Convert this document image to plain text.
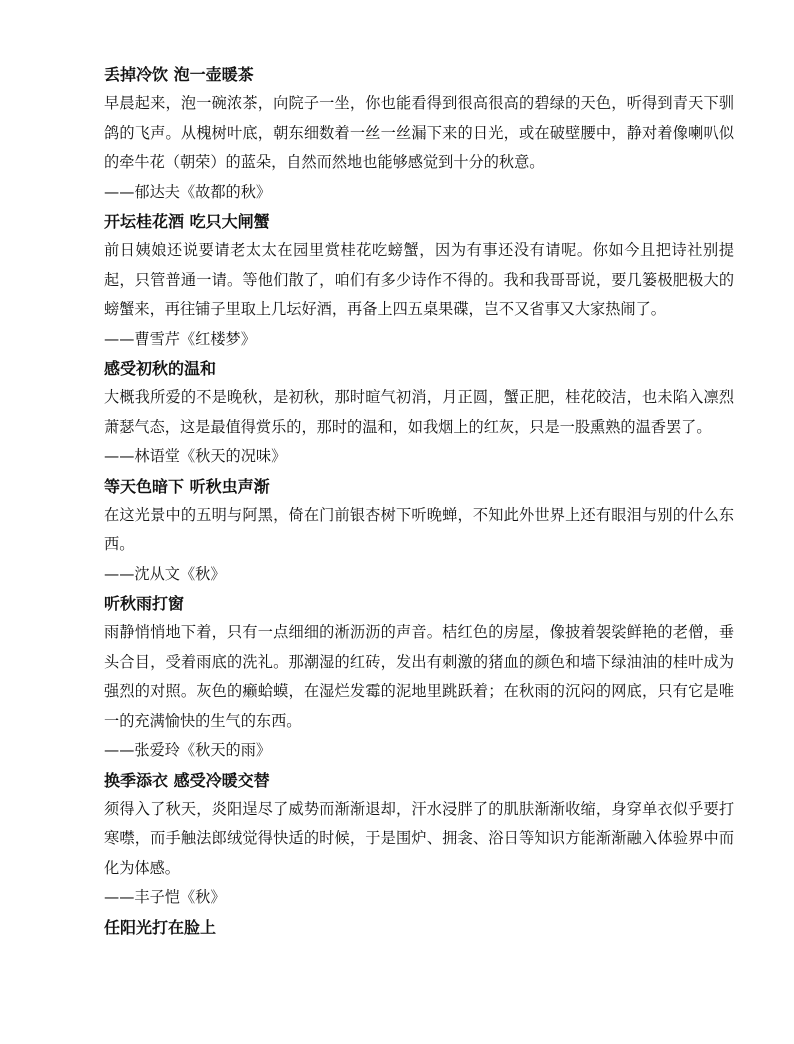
丢掉冷饮 泡一壶暖茶

早晨起来，泡一碗浓茶，向院子一坐，你也能看得到很高很高的碧绿的天色，听得到青天下驯鸽的飞声。从槐树叶底，朝东细数着一丝一丝漏下来的日光，或在破壁腰中，静对着像喇叭似的牵牛花（朝荣）的蓝朵，自然而然地也能够感觉到十分的秋意。

——郁达夫《故都的秋》
开坛桂花酒 吃只大闸蟹

前日姨娘还说要请老太太在园里赏桂花吃螃蟹，因为有事还没有请呢。你如今且把诗社别提起，只管普通一请。等他们散了，咱们有多少诗作不得的。我和我哥哥说，要几篓极肥极大的螃蟹来，再往铺子里取上几坛好酒，再备上四五桌果碟，岂不又省事又大家热闹了。

——曹雪芹《红楼梦》
感受初秋的温和

大概我所爱的不是晚秋，是初秋，那时暄气初消，月正圆，蟹正肥，桂花皎洁，也未陷入凛烈萧瑟气态，这是最值得赏乐的，那时的温和，如我烟上的红灰，只是一股熏熟的温香罢了。

——林语堂《秋天的况味》
等天色暗下 听秋虫声渐

在这光景中的五明与阿黑，倚在门前银杏树下听晚蝉，不知此外世界上还有眼泪与别的什么东西。

——沈从文《秋》
听秋雨打窗

雨静悄悄地下着，只有一点细细的淅沥沥的声音。桔红色的房屋，像披着袈裟鲜艳的老僧，垂头合目，受着雨底的洗礼。那潮湿的红砖，发出有刺激的猪血的颜色和墙下绿油油的桂叶成为强烈的对照。灰色的癞蛤蟆，在湿烂发霉的泥地里跳跃着；在秋雨的沉闷的网底，只有它是唯一的充满愉快的生气的东西。

——张爱玲《秋天的雨》
换季添衣 感受冷暖交替

须得入了秋天，炎阳逞尽了威势而渐渐退却，汗水浸胖了的肌肤渐渐收缩，身穿单衣似乎要打寒噤，而手触法郎绒觉得快适的时候，于是围炉、拥衾、浴日等知识方能渐渐融入体验界中而化为体感。

——丰子恺《秋》
任阳光打在脸上
